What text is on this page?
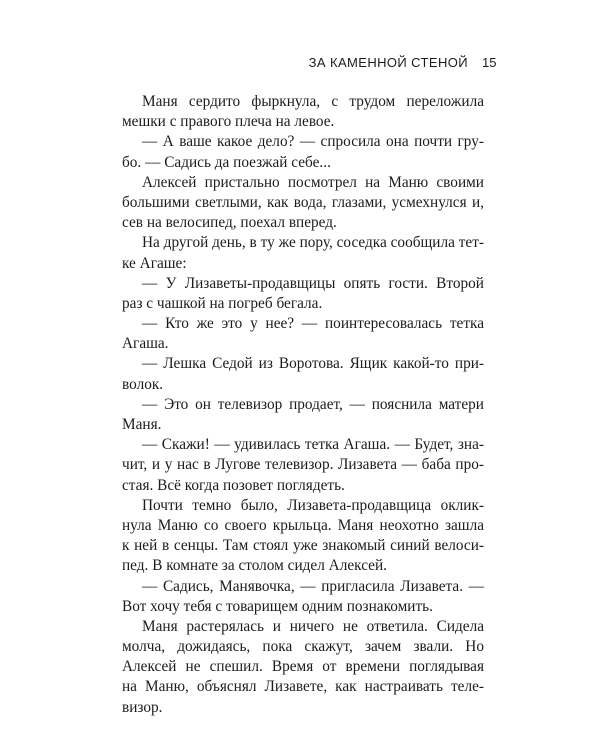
ЗА КАМЕННОЙ СТЕНОЙ 15
Маня сердито фыркнула, с трудом переложила
мешки с правого плеча на левое.
— А ваше какое дело? — спросила она почти гру-
бо. — Садись да поезжай себе...
Алексей пристально посмотрел на Маню своими
большими светлыми, как вода, глазами, усмехнулся и,
сев на велосипед, поехал вперед.
На другой день, в ту же пору, соседка сообщила тет-
ке Агаше:
— У Лизаветы-продавщицы опять гости. Второй
раз с чашкой на погреб бегала.
— Кто же это у нее? — поинтересовалась тетка
Агаша.
— Лешка Седой из Воротова. Ящик какой-то при-
волок.
— Это он телевизор продает, — пояснила матери
Маня.
— Скажи! — удивилась тетка Агаша. — Будет, зна-
чит, и у нас в Лугове телевизор. Лизавета — баба про-
стая. Всё когда позовет поглядеть.
Почти темно было, Лизавета-продавщица оклик-
нула Маню со своего крыльца. Маня неохотно зашла
к ней в сенцы. Там стоял уже знакомый синий велоси-
пед. В комнате за столом сидел Алексей.
— Садись, Манявочка, — пригласила Лизавета. —
Вот хочу тебя с товарищем одним познакомить.
Маня растерялась и ничего не ответила. Сидела
молча, дожидаясь, пока скажут, зачем звали. Но
Алексей не спешил. Время от времени поглядывая
на Маню, объяснял Лизавете, как настраивать теле-
визор.
